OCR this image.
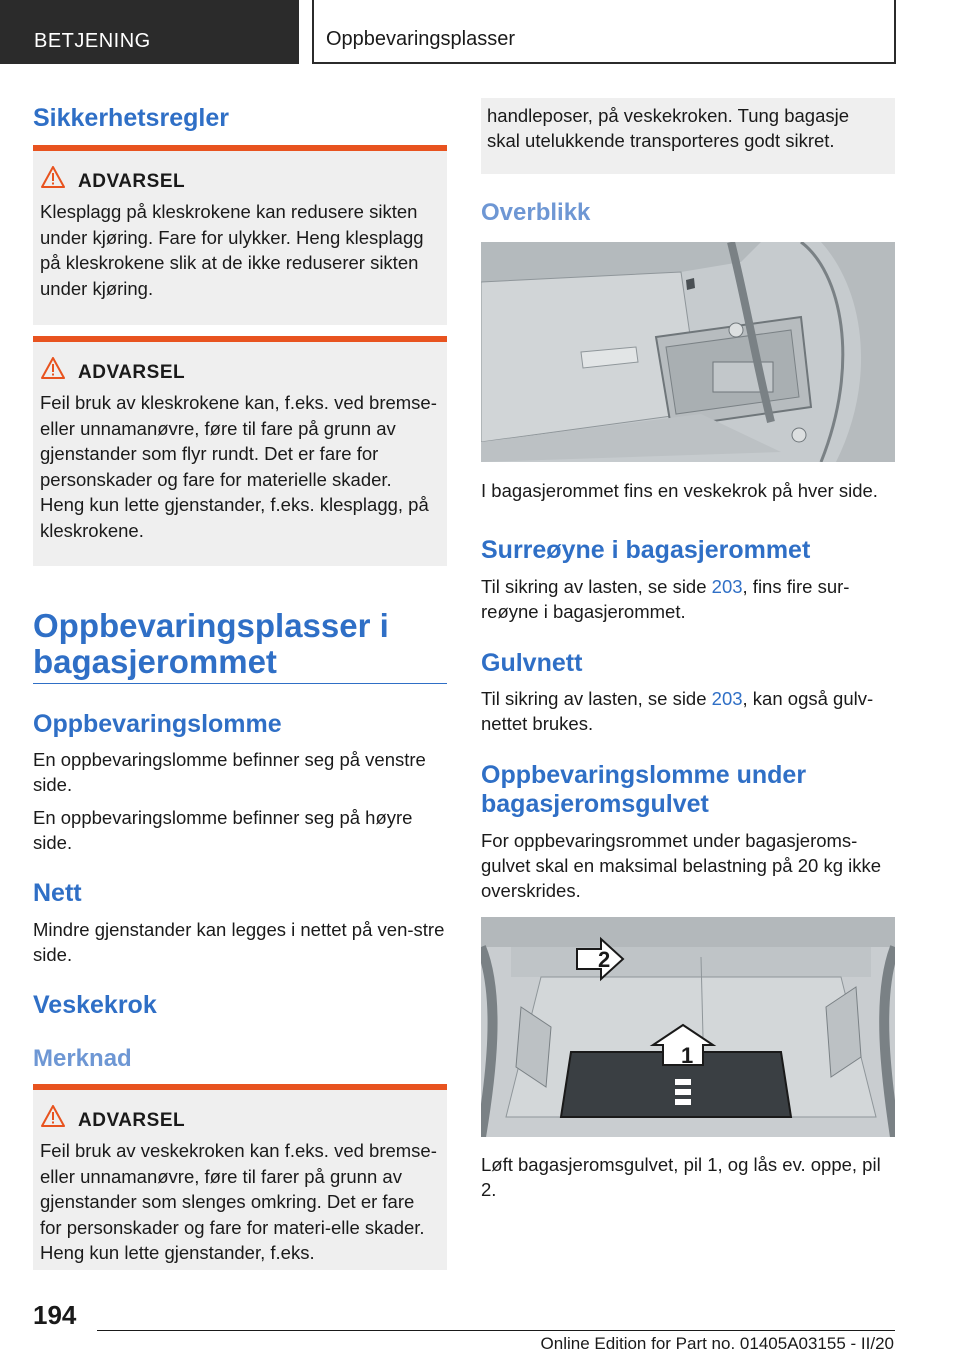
BETJENING	Oppbevaringsplasser
Sikkerhetsregler
ADVARSEL
Klesplagg på kleskrokene kan redusere sikten under kjøring. Fare for ulykker. Heng klesplagg på kleskrokene slik at de ikke reduserer sikten under kjøring.
ADVARSEL
Feil bruk av kleskrokene kan, f.eks. ved bremse- eller unnamanøvre, føre til fare på grunn av gjenstander som flyr rundt. Det er fare for personskader og fare for materielle skader. Heng kun lette gjenstander, f.eks. klesplagg, på kleskrokene.
Oppbevaringsplasser i
bagasjerommet
Oppbevaringslomme
En oppbevaringslomme befinner seg på venstre side.
En oppbevaringslomme befinner seg på høyre side.
Nett
Mindre gjenstander kan legges i nettet på ven-stre side.
Veskekrok
Merknad
ADVARSEL
Feil bruk av veskekroken kan f.eks. ved bremse- eller unnamanøvre, føre til farer på grunn av gjenstander som slenges omkring. Det er fare for personskader og fare for materi-elle skader. Heng kun lette gjenstander, f.eks.
handleposer, på veskekroken. Tung bagasje skal utelukkende transporteres godt sikret.
Overblikk
I bagasjerommet fins en veskekrok på hver side.
Surreøyne i bagasjerommet
Til sikring av lasten, se side 203, fins fire sur-reøyne i bagasjerommet.
Gulvnett
Til sikring av lasten, se side 203, kan også gulv-nettet brukes.
Oppbevaringslomme under
bagasjeromsgulvet
For oppbevaringsrommet under bagasjeroms-gulvet skal en maksimal belastning på 20 kg ikke overskrides.
2
1
Løft bagasjeromsgulvet, pil 1, og lås ev. oppe, pil 2.
194
Online Edition for Part no. 01405A03155 - II/20
